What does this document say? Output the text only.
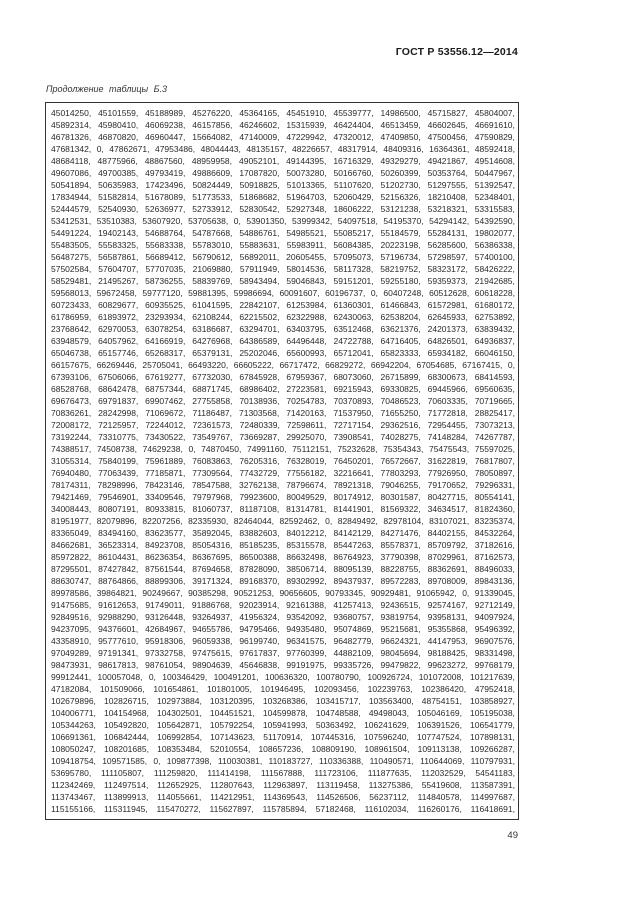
ГОСТ Р 53556.12—2014
Продолжение таблицы Б.3
45014250, 45101559, 45188989, 45276220, 45364165, 45451910, 45539777, 14986500, 45715827, 45804007,
45892314, 45980410, 46069238, 46157856, 46246602, 15315939, 46424404, 46513459, 46602645, 46691610,
46781326, 46870820, 46960447, 15664082, 47140009, 47229942, 47320012, 47409850, 47500456, 47590829,
47681342, 0, 47862671, 47953486, 48044443, 48135157, 48226657, 48317914, 48409316, 16364361, 48592418,
48684118, 48775966, 48867560, 48959958, 49052101, 49144395, 16716329, 49329279, 49421867, 49514608,
49607086, 49700385, 49793419, 49886609, 17087820, 50073280, 50166760, 50260399, 50353764, 50447967,
50541894, 50635983, 17423496, 50824449, 50918825, 51013365, 51107620, 51202730, 51297555, 51392547,
17834944, 51582814, 51678089, 51773533, 51868682, 51964703, 52060429, 52156326, 18210408, 52348401,
52444579, 52540930, 52636977, 52733912, 52830542, 52927348, 18606222, 53121238, 53218321, 53315583,
53412531, 53510383, 53607920, 53705638, 0, 53901350, 53999342, 54097518, 54195370, 54294142, 54392590,
54491224, 19402143, 54688764, 54787668, 54886761, 54985521, 55085217, 55184579, 55284131, 19802077,
55483505, 55583325, 55683338, 55783010, 55883631, 55983911, 56084385, 20223198, 56285600, 56386338,
56487275, 56587861, 56689412, 56790612, 56892011, 20605455, 57095073, 57196734, 57298597, 57400100,
57502584, 57604707, 57707035, 21069880, 57911949, 58014536, 58117328, 58219752, 58323172, 58426222,
58529481, 21495267, 58736255, 58839769, 58943494, 59046843, 59151201, 59255180, 59359373, 21942685,
59568013, 59672458, 59777120, 59881395, 59986694, 60091607, 60196737, 0, 60407248, 60512628, 60618228,
60723433, 60829677, 60935525, 61041595, 22842107, 61253984, 61360301, 61466843, 61572981, 61680172,
61786959, 61893972, 23293934, 62108244, 62215502, 62322988, 62430063, 62538204, 62645933, 62753892,
23768642, 62970053, 63078254, 63186687, 63294701, 63403795, 63512468, 63621376, 24201373, 63839432,
63948579, 64057962, 64166919, 64276968, 64386589, 64496448, 24722788, 64716405, 64826501, 64936837,
65046738, 65157746, 65268317, 65379131, 25202046, 65600993, 65712041, 65823333, 65934182, 66046150,
66157675, 66269446, 25705041, 66493220, 66605222, 66717472, 66829272, 66942204, 67054685, 67167415, 0,
67393106, 67506066, 67619277, 67732030, 67845928, 67959367, 68073060, 26715899, 68300673, 68414593,
68528768, 68642478, 68757344, 68871745, 68986402, 27223581, 69215943, 69330825, 69445966, 69560635,
69676473, 69791837, 69907462, 27755858, 70138936, 70254783, 70370893, 70486523, 70603335, 70719665,
70836261, 28242998, 71069672, 71186487, 71303568, 71420163, 71537950, 71655250, 71772818, 28825417,
72008172, 72125957, 72244012, 72361573, 72480339, 72598611, 72717154, 29362516, 72954455, 73073213,
73192244, 73310775, 73430522, 73549767, 73669287, 29925070, 73908541, 74028275, 74148284, 74267787,
74388517, 74508738, 74629238, 0, 74870450, 74991160, 75112151, 75232628, 75354343, 75475543, 75597025,
31055314, 75840199, 75961889, 76083863, 76205316, 76328019, 76450201, 76572667, 31622819, 76817807,
76940480, 77063439, 77185871, 77309564, 77432729, 77556182, 32216641, 77803293, 77926950, 78050897,
78174311, 78298996, 78423146, 78547588, 32762138, 78796674, 78921318, 79046255, 79170652, 79296331,
79421469, 79546901, 33409546, 79797968, 79923600, 80049529, 80174912, 80301587, 80427715, 80554141,
34008443, 80807191, 80933815, 81060737, 81187108, 81314781, 81441901, 81569322, 34634517, 81824360,
81951977, 82079896, 82207256, 82335930, 82464044, 82592462, 0, 82849492, 82978104, 83107021, 83235374,
83365049, 83494160, 83623577, 35892045, 83882603, 84012212, 84142129, 84271476, 84402155, 84532264,
84662681, 36523314, 84923708, 85054316, 85185235, 85315578, 85447263, 85578371, 85709792, 37182616,
85972822, 86104431, 86236354, 86367695, 86500388, 86632498, 86764923, 37790398, 87029961, 87162573,
87295501, 87427842, 87561544, 87694658, 87828090, 38506714, 88095139, 88228755, 88362691, 88496033,
88630747, 88764866, 88899306, 39171324, 89168370, 89302992, 89437937, 89572283, 89708009, 89843136,
89978586, 39864821, 90249667, 90385298, 90521253, 90656605, 90793345, 90929481, 91065942, 0, 91339045,
91475685, 91612653, 91749011, 91886768, 92023914, 92161388, 41257413, 92436515, 92574167, 92712149,
92849516, 92988290, 93126448, 93264937, 41956324, 93542092, 93680757, 93819754, 93958131, 94097924,
94237095, 94376601, 42684967, 94655786, 94795466, 94935480, 95074869, 95215681, 95355868, 95496392,
43358910, 95777610, 95918306, 96059338, 96199740, 96341575, 96482779, 96624321, 44147953, 96907576,
97049289, 97191341, 97332758, 97475615, 97617837, 97760399, 44882109, 98045694, 98188425, 98331498,
98473931, 98617813, 98761054, 98904639, 45646838, 99191975, 99335726, 99479822, 99623272, 99768179,
99912441, 100057048, 0, 100346429, 100491201, 100636320, 100780790, 100926724, 101072008, 101217639,
47182084, 101509066, 101654861, 101801005, 101946495, 102093456, 102239763, 102386420, 47952418,
102679896, 102826715, 102973884, 103120395, 103268386, 103415717, 103563400, 48754151, 103858927,
104006771, 104154968, 104302501, 104451521, 104599878, 104748588, 49498043, 105046169, 105195038,
105344263, 105492820, 105642871, 105792254, 105941993, 50363492, 106241629, 106391526, 106541779,
106691361, 106842444, 106992854, 107143623, 51170914, 107445316, 107596240, 107747524, 107898131,
108050247, 108201685, 108353484, 52010554, 108657236, 108809190, 108961504, 109113138, 109266287,
109418754, 109571585, 0, 109877398, 110030381, 110183727, 110336388, 110490571, 110644069, 110797931,
53695780, 111105807, 111259820, 111414198, 111567888, 111723106, 111877635, 112032529, 54541183,
112342469, 112497514, 112652925, 112807643, 112963897, 113119458, 113275386, 55419608, 113587391,
113743467, 113899913, 114055661, 114212951, 114369543, 114526506, 56237112, 114840578, 114997687,
115155166, 115311945, 115470272, 115627897, 115785894, 57182468, 116102034, 116260176, 116418691,
49
